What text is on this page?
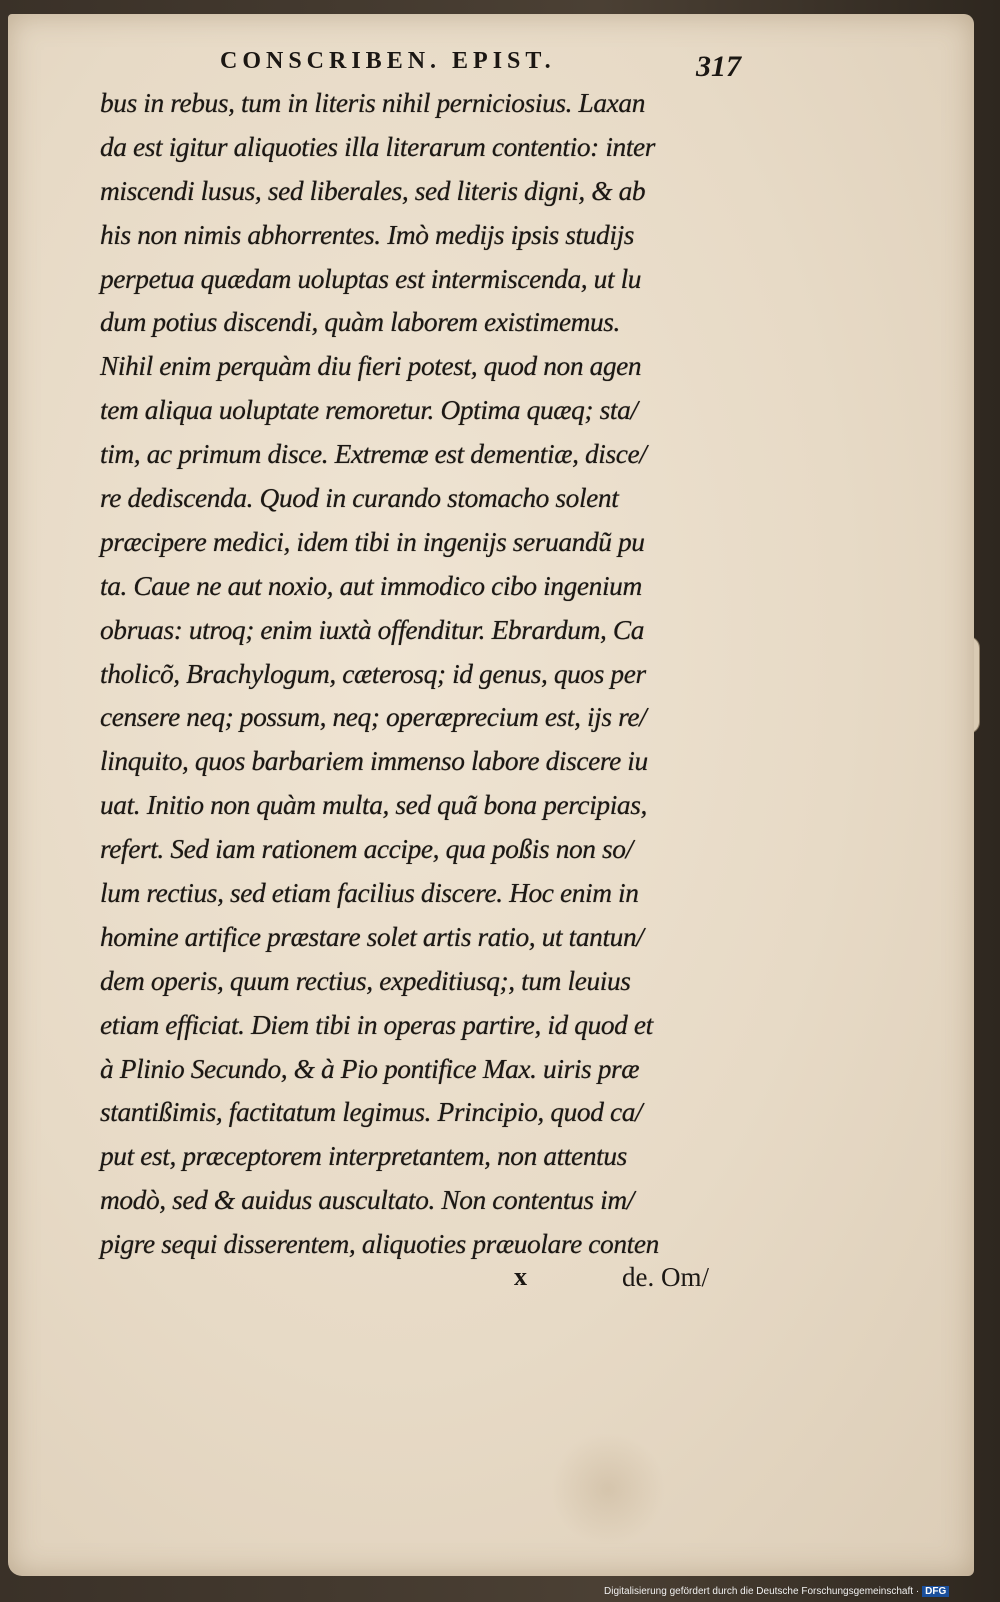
CONSCRIBEN. EPIST.	317
bus in rebus, tum in literis nihil perniciosius. Laxan
da est igitur aliquoties illa literarum contentio: inter
miscendi lusus, sed liberales, sed literis digni, & ab
his non nimis abhorrentes. Imò medijs ipsis studijs
perpetua quædam uoluptas est intermiscenda, ut lu
dum potius discendi, quàm laborem existimemus.
Nihil enim perquàm diu fieri potest, quod non agen
tem aliqua uoluptate remoretur. Optima quæq; sta/
tim, ac primum disce. Extremæ est dementiæ, disce/
re dediscenda. Quod in curando stomacho solent
præcipere medici, idem tibi in ingenijs seruandũ pu
ta. Caue ne aut noxio, aut immodico cibo ingenium
obruas: utroq; enim iuxtà offenditur. Ebrardum, Ca
tholicõ, Brachylogum, cæterosq; id genus, quos per
censere neq; possum, neq; operæprecium est, ijs re/
linquito, quos barbariem immenso labore discere iu
uat. Initio non quàm multa, sed quã bona percipias,
refert. Sed iam rationem accipe, qua poßis non so/
lum rectius, sed etiam facilius discere. Hoc enim in
homine artifice præstare solet artis ratio, ut tantun/
dem operis, quum rectius, expeditiusq;, tum leuius
etiam efficiat. Diem tibi in operas partire, id quod et
à Plinio Secundo, & à Pio pontifice Max. uiris præ
stantißimis, factitatum legimus. Principio, quod ca/
put est, præceptorem interpretantem, non attentus
modò, sed & auidus auscultato. Non contentus im/
pigre sequi disserentem, aliquoties præuolare conten
x	de. Om/
Digitalisierung gefördert durch die Deutsche Forschungsgemeinschaft · DFG
